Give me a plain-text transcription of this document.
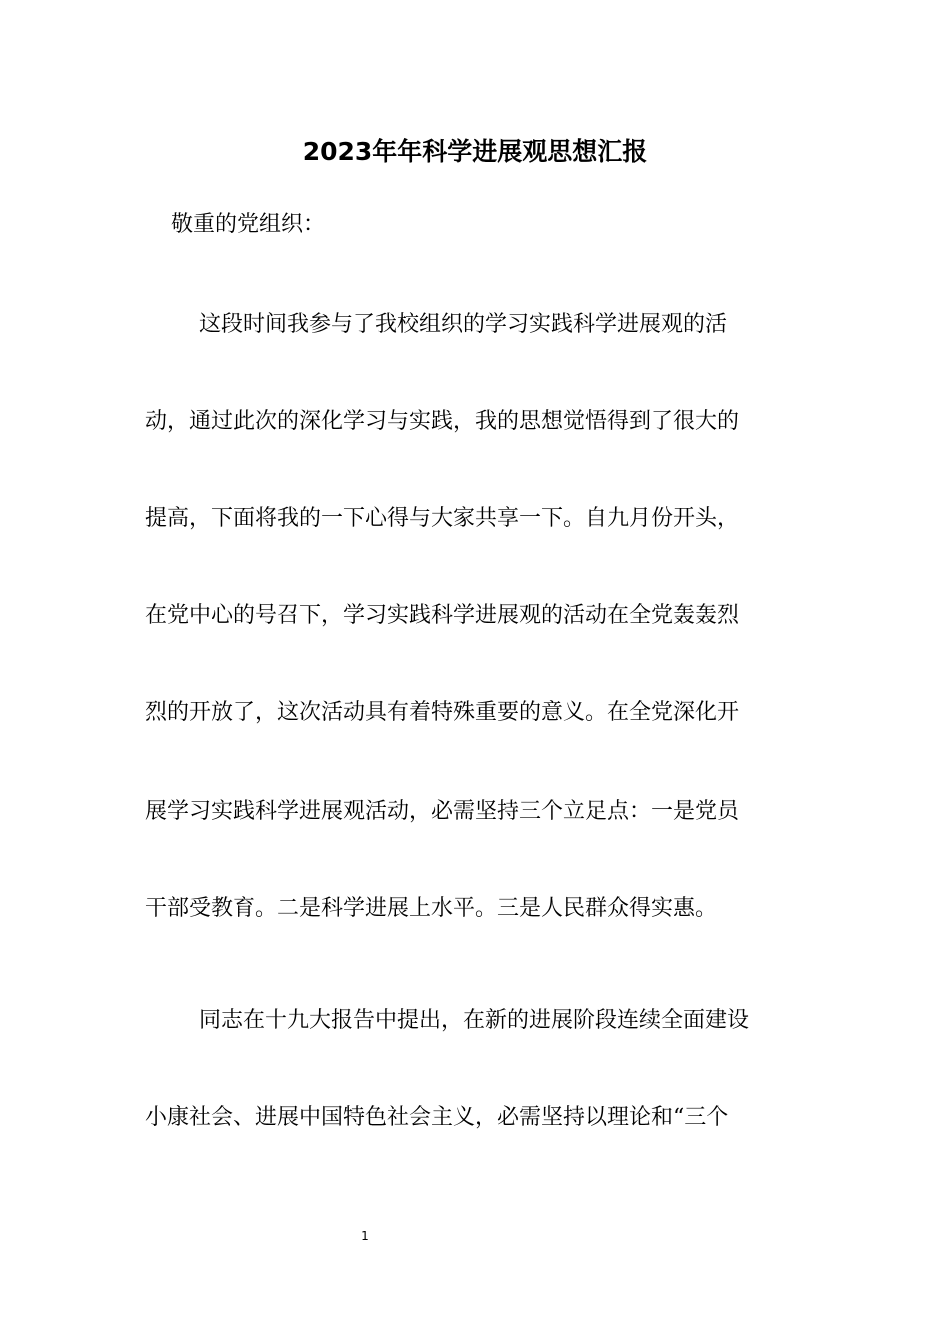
2023年年科学进展观思想汇报
敬重的党组织：
这段时间我参与了我校组织的学习实践科学进展观的活
动，通过此次的深化学习与实践，我的思想觉悟得到了很大的
提高，下面将我的一下心得与大家共享一下。自九月份开头，
在党中心的号召下，学习实践科学进展观的活动在全党轰轰烈
烈的开放了，这次活动具有着特殊重要的意义。在全党深化开
展学习实践科学进展观活动，必需坚持三个立足点：一是党员
干部受教育。二是科学进展上水平。三是人民群众得实惠。
同志在十九大报告中提出，在新的进展阶段连续全面建设
小康社会、进展中国特色社会主义，必需坚持以理论和“三个
1
